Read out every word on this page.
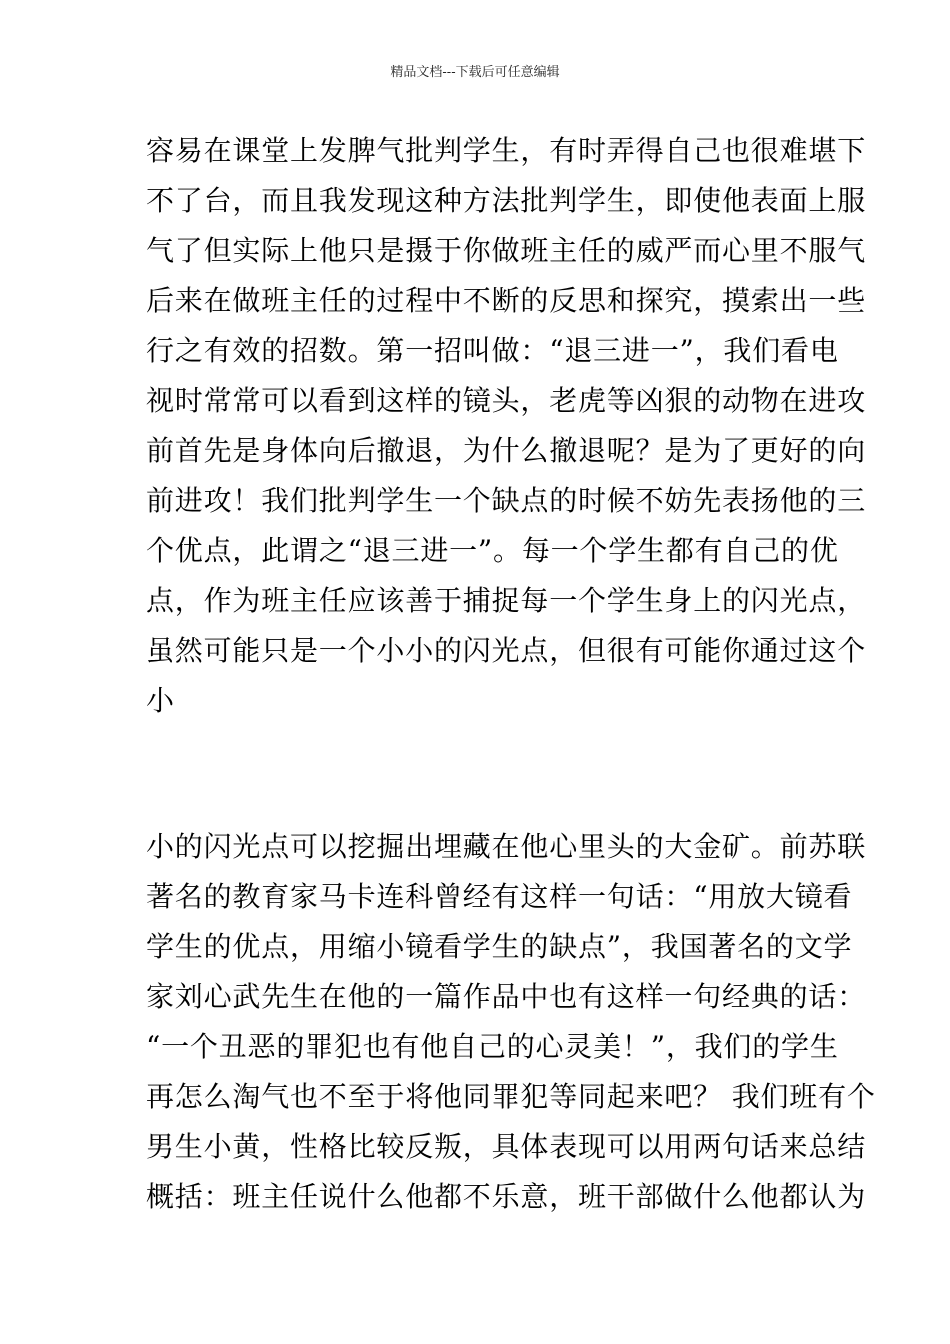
精品文档---下载后可任意编辑
容易在课堂上发脾气批判学生，有时弄得自己也很难堪下
不了台，而且我发现这种方法批判学生，即使他表面上服
气了但实际上他只是摄于你做班主任的威严而心里不服气
后来在做班主任的过程中不断的反思和探究，摸索出一些
行之有效的招数。第一招叫做：“退三进一”，我们看电
视时常常可以看到这样的镜头，老虎等凶狠的动物在进攻
前首先是身体向后撤退，为什么撤退呢？是为了更好的向
前进攻！我们批判学生一个缺点的时候不妨先表扬他的三
个优点，此谓之“退三进一”。每一个学生都有自己的优
点，作为班主任应该善于捕捉每一个学生身上的闪光点，
虽然可能只是一个小小的闪光点，但很有可能你通过这个
小
小的闪光点可以挖掘出埋藏在他心里头的大金矿。前苏联
著名的教育家马卡连科曾经有这样一句话：“用放大镜看
学生的优点，用缩小镜看学生的缺点”，我国著名的文学
家刘心武先生在他的一篇作品中也有这样一句经典的话：
“一个丑恶的罪犯也有他自己的心灵美！”，我们的学生
再怎么淘气也不至于将他同罪犯等同起来吧？ 我们班有个
男生小黄，性格比较反叛，具体表现可以用两句话来总结
概括：班主任说什么他都不乐意，班干部做什么他都认为
